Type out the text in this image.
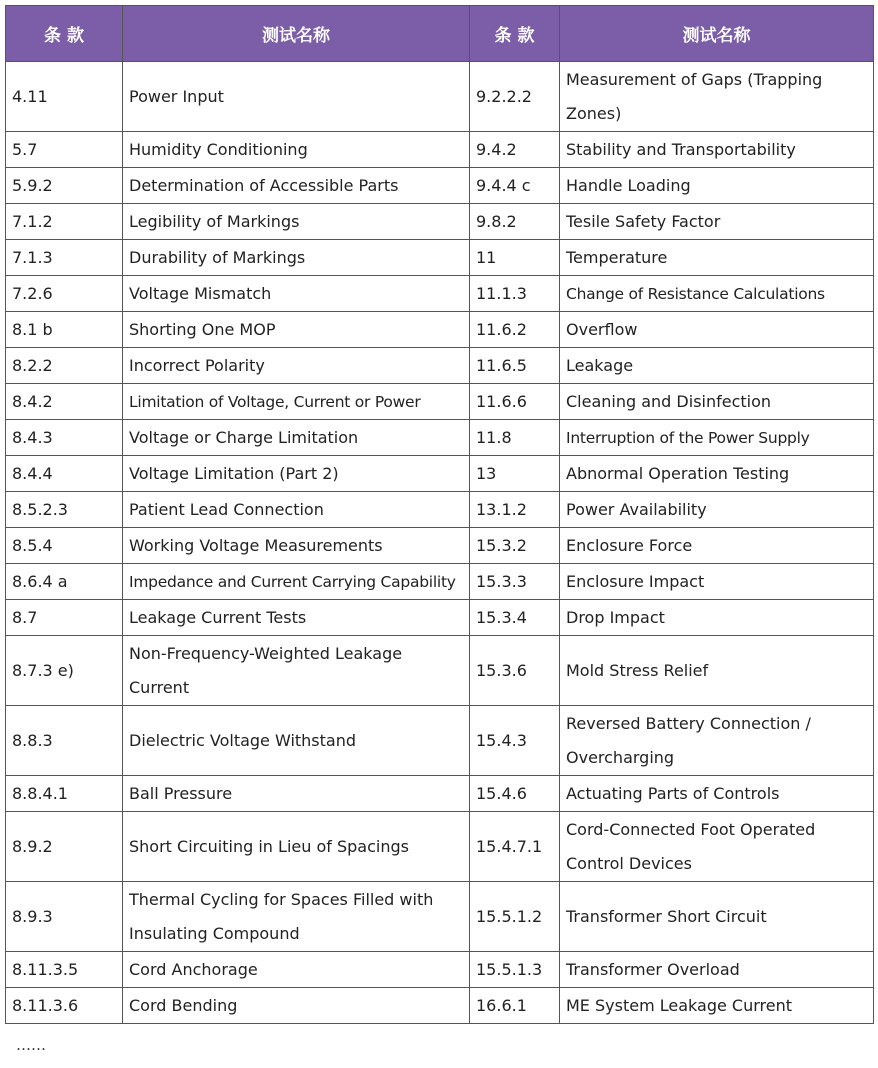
条 款	测试名称	条 款	测试名称
4.11	Power Input	9.2.2.2	Measurement of Gaps (Trapping Zones)
5.7	Humidity Conditioning	9.4.2	Stability and Transportability
5.9.2	Determination of Accessible Parts	9.4.4 c	Handle Loading
7.1.2	Legibility of Markings	9.8.2	Tesile Safety Factor
7.1.3	Durability of Markings	11	Temperature
7.2.6	Voltage Mismatch	11.1.3	Change of Resistance Calculations
8.1 b	Shorting One MOP	11.6.2	Overflow
8.2.2	Incorrect Polarity	11.6.5	Leakage
8.4.2	Limitation of Voltage, Current or Power	11.6.6	Cleaning and Disinfection
8.4.3	Voltage or Charge Limitation	11.8	Interruption of the Power Supply
8.4.4	Voltage Limitation (Part 2)	13	Abnormal Operation Testing
8.5.2.3	Patient Lead Connection	13.1.2	Power Availability
8.5.4	Working Voltage Measurements	15.3.2	Enclosure Force
8.6.4 a	Impedance and Current Carrying Capability	15.3.3	Enclosure Impact
8.7	Leakage Current Tests	15.3.4	Drop Impact
8.7.3 e)	Non-Frequency-Weighted Leakage Current	15.3.6	Mold Stress Relief
8.8.3	Dielectric Voltage Withstand	15.4.3	Reversed Battery Connection / Overcharging
8.8.4.1	Ball Pressure	15.4.6	Actuating Parts of Controls
8.9.2	Short Circuiting in Lieu of Spacings	15.4.7.1	Cord-Connected Foot Operated Control Devices
8.9.3	Thermal Cycling for Spaces Filled with Insulating Compound	15.5.1.2	Transformer Short Circuit
8.11.3.5	Cord Anchorage	15.5.1.3	Transformer Overload
8.11.3.6	Cord Bending	16.6.1	ME System Leakage Current
……
